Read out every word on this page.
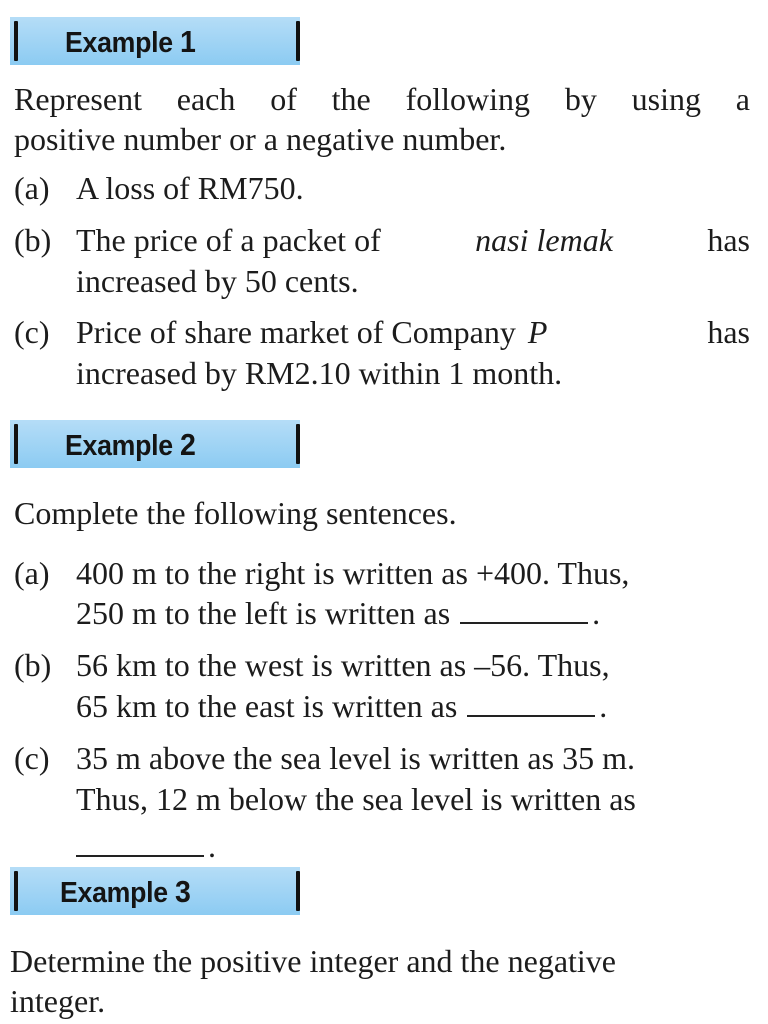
Example 1
Represent each of the following by using a
positive number or a negative number.
(a) A loss of RM750.
(b) The price of a packet of	nasi lemak	has
increased by 50 cents.
(c) Price of share market of Company P	has
increased by RM2.10 within 1 month.
Example 2
Complete the following sentences.
(a) 400 m to the right is written as +400. Thus,
250 m to the left is written as	.
(b) 56 km to the west is written as –56. Thus,
65 km to the east is written as	.
(c) 35 m above the sea level is written as 35 m.
Thus, 12 m below the sea level is written as
.
Example 3
Determine the positive integer and the negative
integer.
